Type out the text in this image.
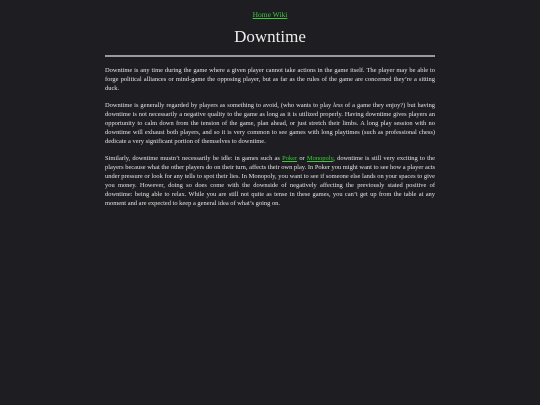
Home Wiki
Downtime

Downtime is any time during the game where a given player cannot take actions in the game itself. The player may be able to forge political alliances or mind-game the opposing player, but as far as the rules of the game are concerned they’re a sitting duck.

Downtime is generally regarded by players as something to avoid, (who wants to play less of a game they enjoy?) but having downtime is not necessarily a negative quality to the game as long as it is utilized properly. Having downtime gives players an opportunity to calm down from the tension of the game, plan ahead, or just stretch their limbs. A long play session with no downtime will exhaust both players, and so it is very common to see games with long playtimes (such as professional chess) dedicate a very significant portion of themselves to downtime.

Similarly, downtime mustn’t necessarily be idle: in games such as Poker or Monopoly, downtime is still very exciting to the players because what the other players do on their turn, affects their own play. In Poker you might want to see how a player acts under pressure or look for any tells to spot their lies. In Monopoly, you want to see if someone else lands on your spaces to give you money. However, doing so does come with the downside of negatively affecting the previously stated positive of downtime: being able to relax. While you are still not quite as tense in these games, you can’t get up from the table at any moment and are expected to keep a general idea of what’s going on.
